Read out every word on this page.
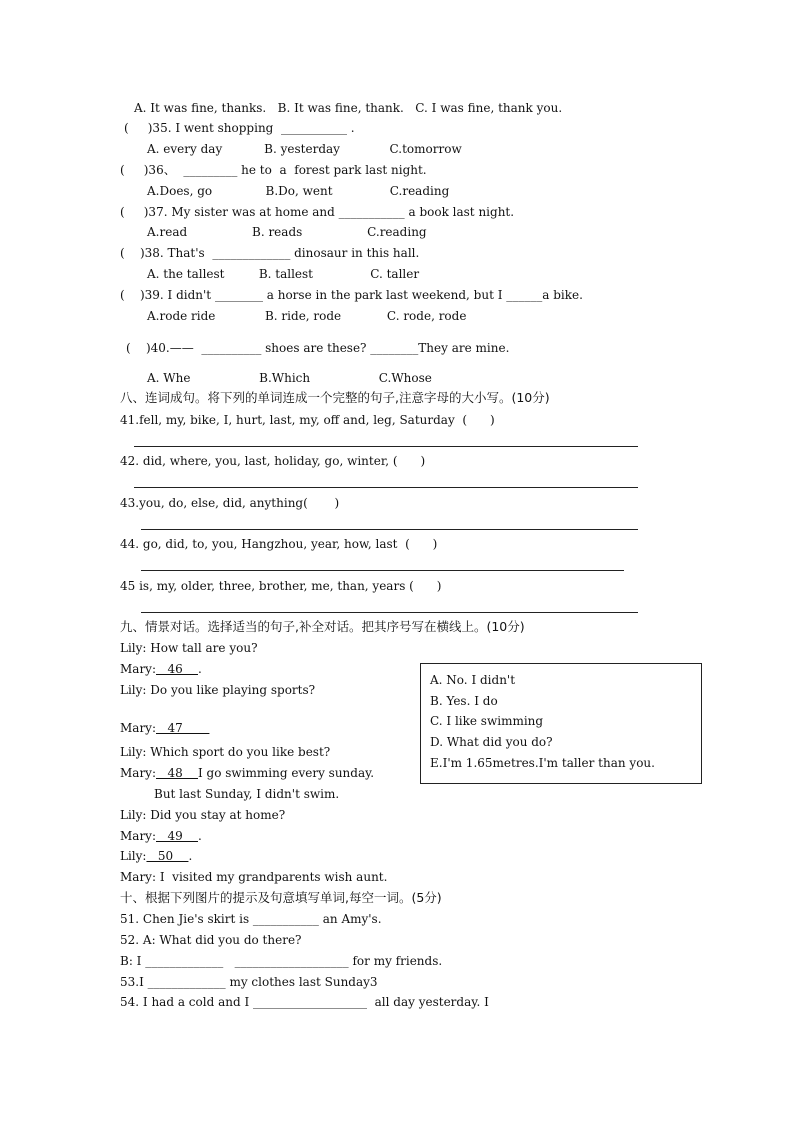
A. It was fine, thanks.   B. It was fine, thank.   C. I was fine, thank you.
(     )35. I went shopping  ___________ .
A. every day           B. yesterday             C.tomorrow
(     )36、  _________ he to  a  forest park last night.
A.Does, go              B.Do, went               C.reading
(     )37. My sister was at home and ___________ a book last night.
A.read                 B. reads                 C.reading
(    )38. That's  _____________ dinosaur in this hall.
A. the tallest         B. tallest               C. taller
(    )39. I didn't ________ a horse in the park last weekend, but I ______a bike.
A.rode ride             B. ride, rode            C. rode, rode
(    )40.——  __________ shoes are these? ________They are mine.
A. Whe                  B.Which                  C.Whose
八、连词成句。将下列的单词连成一个完整的句子,注意字母的大小写。(10分)
41.fell, my, bike, I, hurt, last, my, off and, leg, Saturday  (      )
42. did, where, you, last, holiday, go, winter, (      )
43.you, do, else, did, anything(       )
44. go, did, to, you, Hangzhou, year, how, last  (      )
45 is, my, older, three, brother, me, than, years (      )
九、情景对话。选择适当的句子,补全对话。把其序号写在横线上。(10分)
Lily: How tall are you?
Mary:   46    .
Lily: Do you like playing sports?
Mary:   47
Lily: Which sport do you like best?
Mary:   48    I go swimming every sunday.
But last Sunday, I didn't swim.
Lily: Did you stay at home?
Mary:   49    .
Lily:   50    .
Mary: I  visited my grandparents wish aunt.
A. No. I didn't
B. Yes. I do
C. I like swimming
D. What did you do?
E.I'm 1.65metres.I'm taller than you.
十、根据下列图片的提示及句意填写单词,每空一词。(5分)
51. Chen Jie's skirt is ___________ an Amy's.
52. A: What did you do there?
B: I _____________   ___________________ for my friends.
53.I _____________ my clothes last Sunday3
54. I had a cold and I ___________________  all day yesterday. I
